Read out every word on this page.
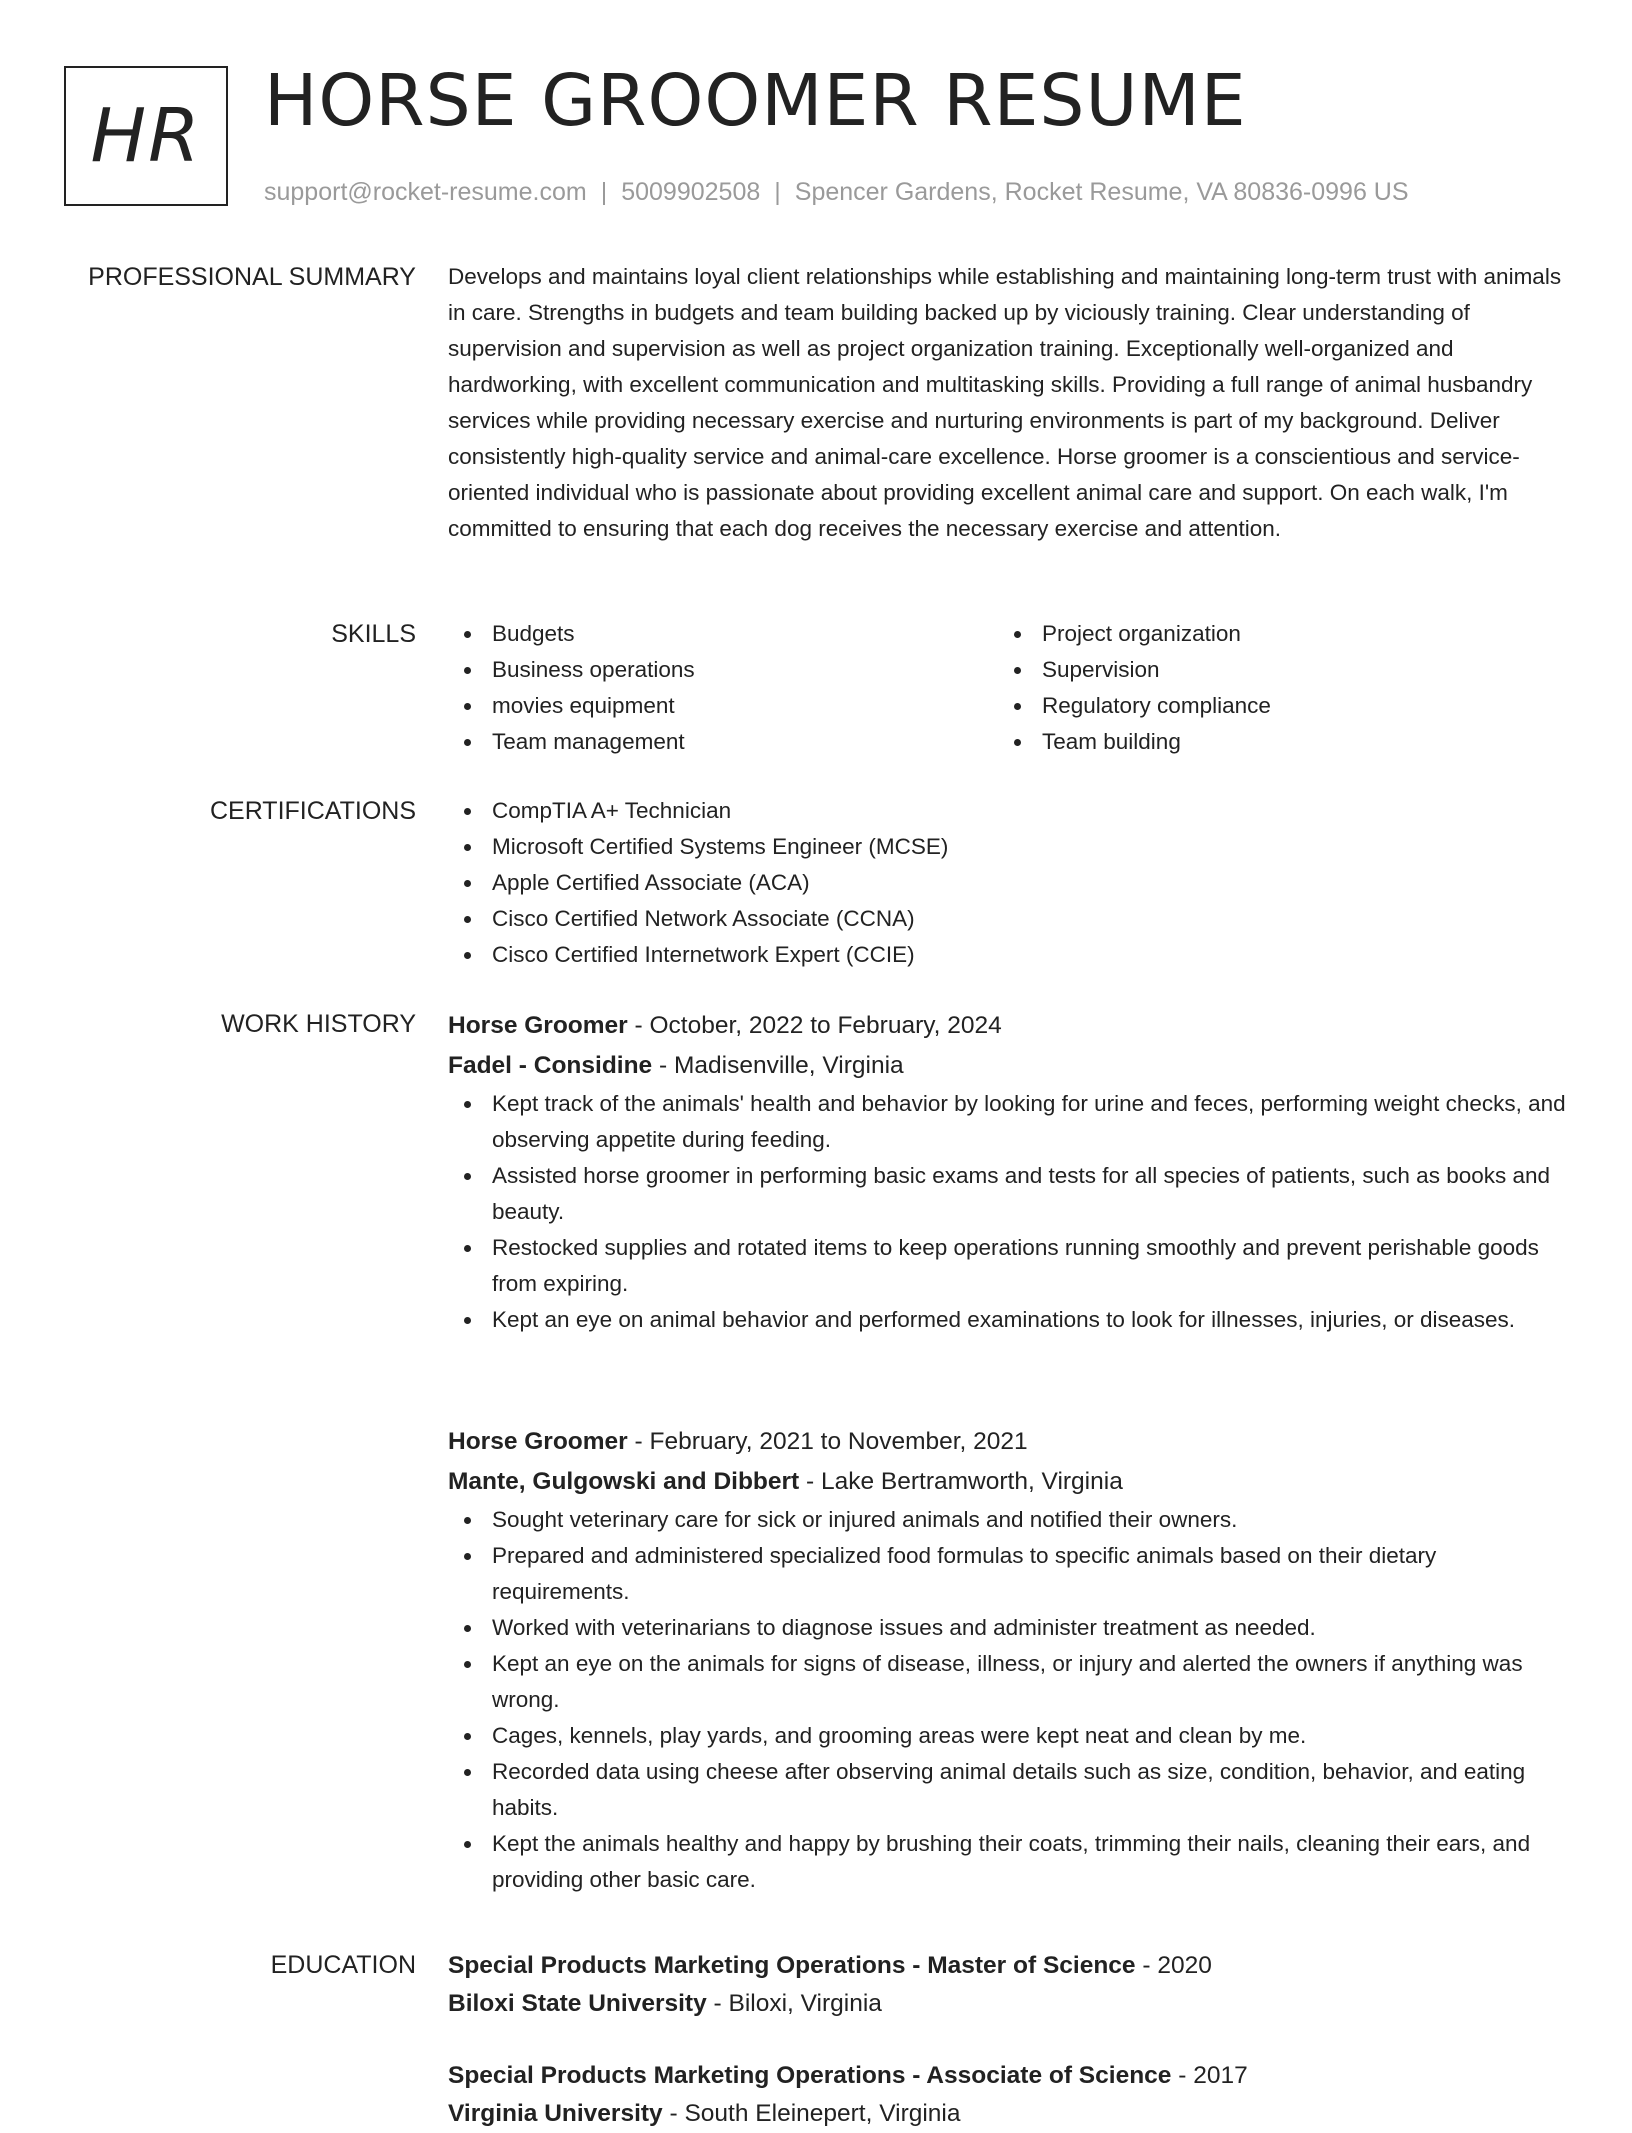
HR HORSE GROOMER RESUME
support@rocket-resume.com | 5009902508 | Spencer Gardens, Rocket Resume, VA 80836-0996 US
PROFESSIONAL SUMMARY Develops and maintains loyal client relationships while establishing and maintaining long-term trust with animals in care. Strengths in budgets and team building backed up by viciously training. Clear understanding of supervision and supervision as well as project organization training. Exceptionally well-organized and hardworking, with excellent communication and multitasking skills. Providing a full range of animal husbandry services while providing necessary exercise and nurturing environments is part of my background. Deliver consistently high-quality service and animal-care excellence. Horse groomer is a conscientious and service-oriented individual who is passionate about providing excellent animal care and support. On each walk, I'm committed to ensuring that each dog receives the necessary exercise and attention.

SKILLS	Budgets
Business operations
movies equipment
Team management
Project organization
Supervision
Regulatory compliance
Team building
CERTIFICATIONS	CompTIA A+ Technician
Microsoft Certified Systems Engineer (MCSE)
Apple Certified Associate (ACA)
Cisco Certified Network Associate (CCNA)
Cisco Certified Internetwork Expert (CCIE)
WORK HISTORY Horse Groomer - October, 2022 to February, 2024
Fadel - Considine - Madisenville, Virginia
Kept track of the animals' health and behavior by looking for urine and feces, performing weight checks, and observing appetite during feeding.
Assisted horse groomer in performing basic exams and tests for all species of patients, such as books and beauty.
Restocked supplies and rotated items to keep operations running smoothly and prevent perishable goods from expiring.
Kept an eye on animal behavior and performed examinations to look for illnesses, injuries, or diseases.
Horse Groomer - February, 2021 to November, 2021
Mante, Gulgowski and Dibbert - Lake Bertramworth, Virginia
Sought veterinary care for sick or injured animals and notified their owners.
Prepared and administered specialized food formulas to specific animals based on their dietary requirements.
Worked with veterinarians to diagnose issues and administer treatment as needed.
Kept an eye on the animals for signs of disease, illness, or injury and alerted the owners if anything was wrong.
Cages, kennels, play yards, and grooming areas were kept neat and clean by me.
Recorded data using cheese after observing animal details such as size, condition, behavior, and eating habits.
Kept the animals healthy and happy by brushing their coats, trimming their nails, cleaning their ears, and providing other basic care.
EDUCATION Special Products Marketing Operations - Master of Science - 2020
Biloxi State University - Biloxi, Virginia
Special Products Marketing Operations - Associate of Science - 2017
Virginia University - South Eleinepert, Virginia
